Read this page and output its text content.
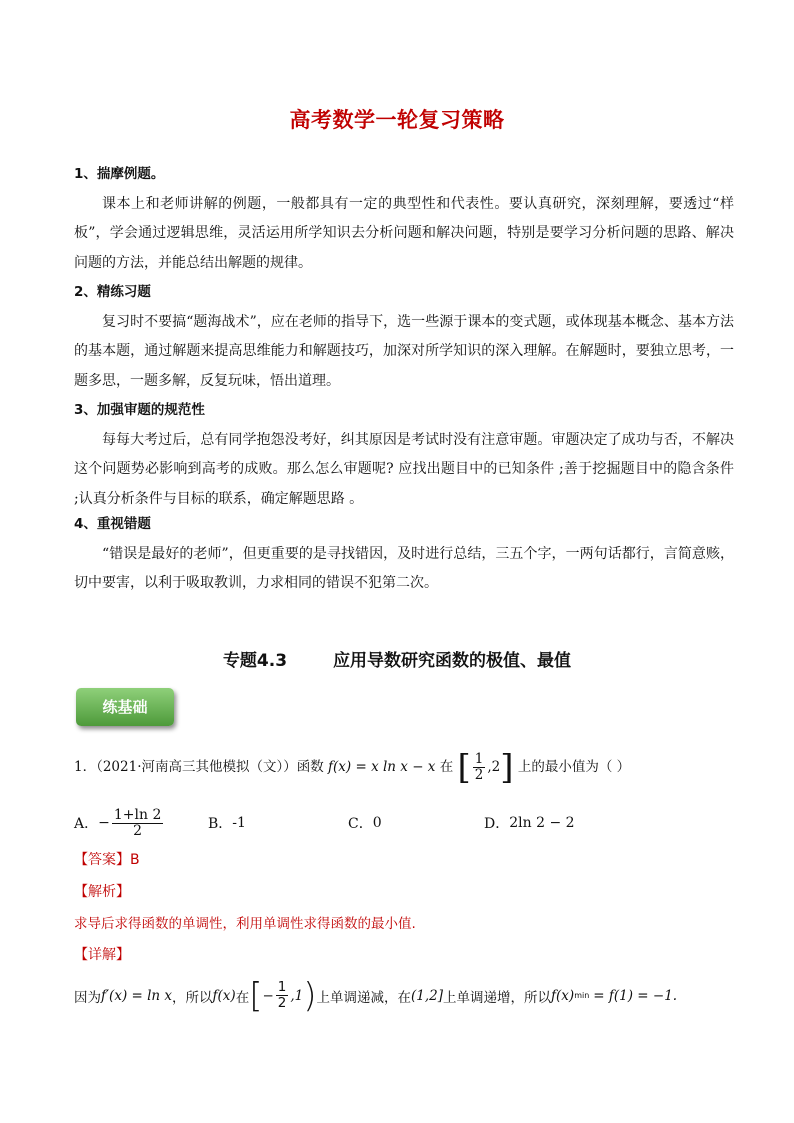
高考数学一轮复习策略
1、揣摩例题。

课本上和老师讲解的例题，一般都具有一定的典型性和代表性。要认真研究，深刻理解，要透过“样板”，学会通过逻辑思维，灵活运用所学知识去分析问题和解决问题，特别是要学习分析问题的思路、解决问题的方法，并能总结出解题的规律。

2、精练习题

复习时不要搞“题海战术”，应在老师的指导下，选一些源于课本的变式题，或体现基本概念、基本方法的基本题，通过解题来提高思维能力和解题技巧，加深对所学知识的深入理解。在解题时，要独立思考，一题多思，一题多解，反复玩味，悟出道理。

3、加强审题的规范性

每每大考过后，总有同学抱怨没考好，纠其原因是考试时没有注意审题。审题决定了成功与否，不解决这个问题势必影响到高考的成败。那么怎么审题呢? 应找出题目中的已知条件 ;善于挖掘题目中的隐含条件 ;认真分析条件与目标的联系，确定解题思路 。

4、重视错题

“错误是最好的老师”，但更重要的是寻找错因，及时进行总结，三五个字，一两句话都行，言简意赅，切中要害，以利于吸取教训，力求相同的错误不犯第二次。

专题4.3	应用导数研究函数的极值、最值
练基础
1．（2021·河南高三其他模拟（文））函数 f(x) = x ln x − x 在 [ $\frac{1}{2} ,2$] 上的最小值为（ ）
A． − $\frac{1+\ln 2}{2}$	B． -1	C． 0	D． 2ln 2 − 2
【答案】B
【解析】
求导后求得函数的单调性，利用单调性求得函数的最小值.
【详解】
因为 f′(x) = ln x ，所以 f(x) 在 [ − $\frac{1}{2} ,1$ ) 上单调递减，在 (1,2] 上单调递增，所以 f(x) min = f(1) = −1.
